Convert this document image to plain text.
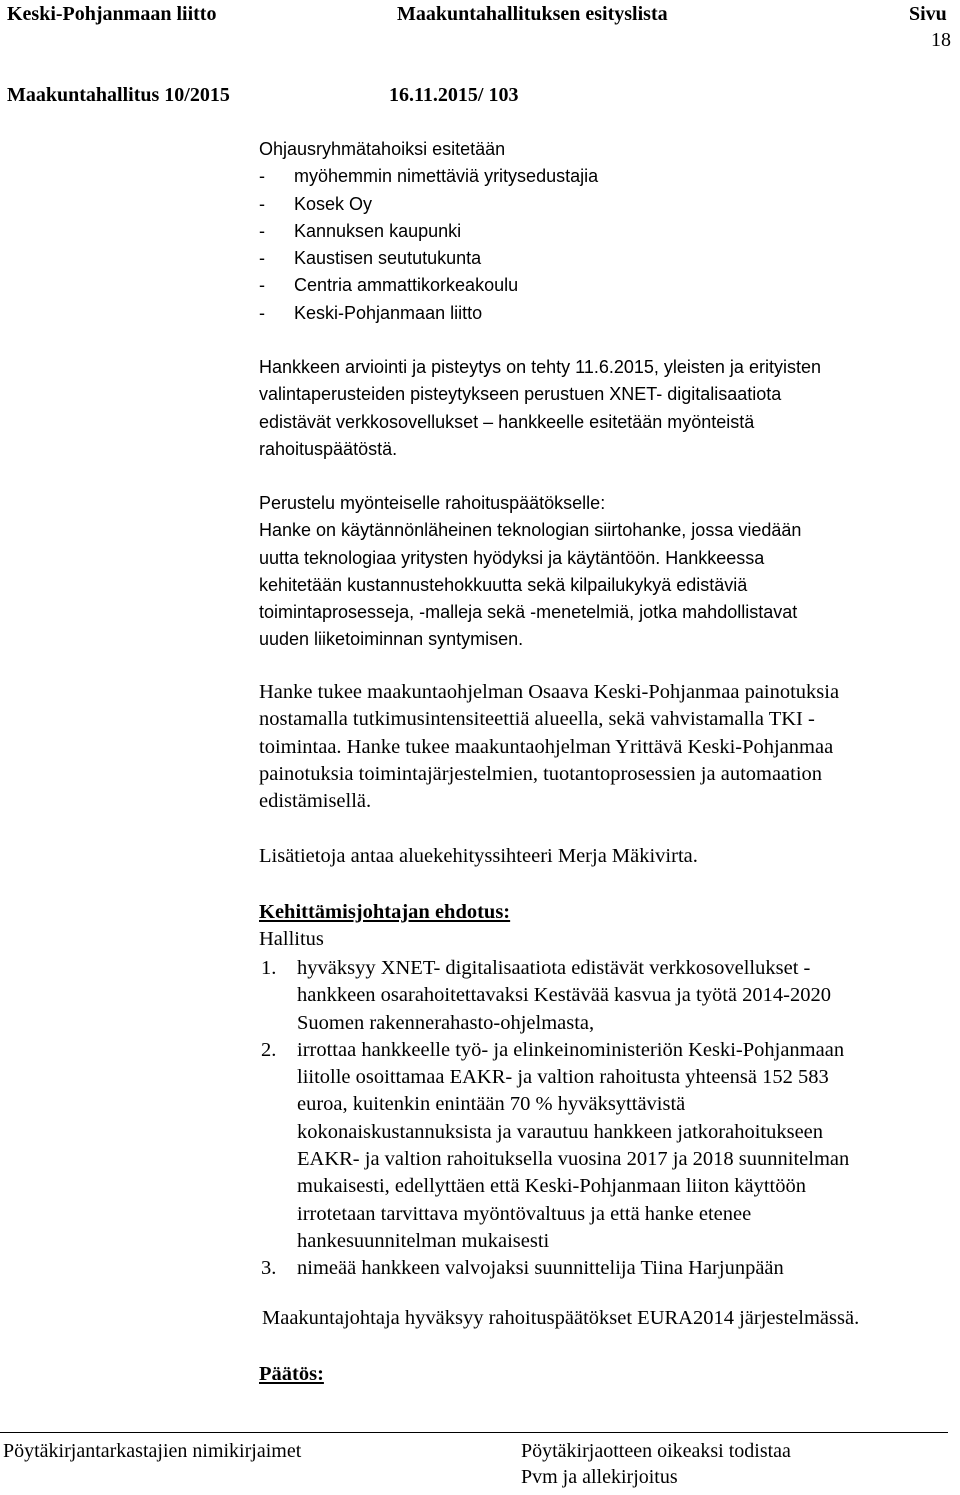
Keski-Pohjanmaan liitto	Maakuntahallituksen esityslista	Sivu
18
Maakuntahallitus 10/2015	16.11.2015/ 103
Ohjausryhmätahoiksi esitetään
-	myöhemmin nimettäviä yritysedustajia
-	Kosek Oy
-	Kannuksen kaupunki
-	Kaustisen seututukunta
-	Centria ammattikorkeakoulu
-	Keski-Pohjanmaan liitto
Hankkeen arviointi ja pisteytys on tehty 11.6.2015, yleisten ja erityisten
valintaperusteiden pisteytykseen perustuen XNET- digitalisaatiota
edistävät verkkosovellukset – hankkeelle esitetään myönteistä
rahoituspäätöstä.
Perustelu myönteiselle rahoituspäätökselle:
Hanke on käytännönläheinen teknologian siirtohanke, jossa viedään
uutta teknologiaa yritysten hyödyksi ja käytäntöön. Hankkeessa
kehitetään kustannustehokkuutta sekä kilpailukykyä edistäviä
toimintaprosesseja, -malleja sekä -menetelmiä, jotka mahdollistavat
uuden liiketoiminnan syntymisen.
Hanke tukee maakuntaohjelman Osaava Keski-Pohjanmaa painotuksia
nostamalla tutkimusintensiteettiä alueella, sekä vahvistamalla TKI -
toimintaa. Hanke tukee maakuntaohjelman Yrittävä Keski-Pohjanmaa
painotuksia toimintajärjestelmien, tuotantoprosessien ja automaation
edistämisellä.
Lisätietoja antaa aluekehityssihteeri Merja Mäkivirta.
Kehittämisjohtajan ehdotus:
Hallitus
1.	hyväksyy XNET- digitalisaatiota edistävät verkkosovellukset -
hankkeen osarahoitettavaksi Kestävää kasvua ja työtä 2014-2020
Suomen rakennerahasto-ohjelmasta,
2.	irrottaa hankkeelle työ- ja elinkeinoministeriön Keski-Pohjanmaan
liitolle osoittamaa EAKR- ja valtion rahoitusta yhteensä 152 583
euroa, kuitenkin enintään 70 % hyväksyttävistä
kokonaiskustannuksista ja varautuu hankkeen jatkorahoitukseen
EAKR- ja valtion rahoituksella vuosina 2017 ja 2018 suunnitelman
mukaisesti, edellyttäen että Keski-Pohjanmaan liiton käyttöön
irrotetaan tarvittava myöntövaltuus ja että hanke etenee
hankesuunnitelman mukaisesti
3.	nimeää hankkeen valvojaksi suunnittelija Tiina Harjunpään
Maakuntajohtaja hyväksyy rahoituspäätökset EURA2014 järjestelmässä.
Päätös:
Pöytäkirjantarkastajien nimikirjaimet	Pöytäkirjaotteen oikeaksi todistaa
Pvm ja allekirjoitus
